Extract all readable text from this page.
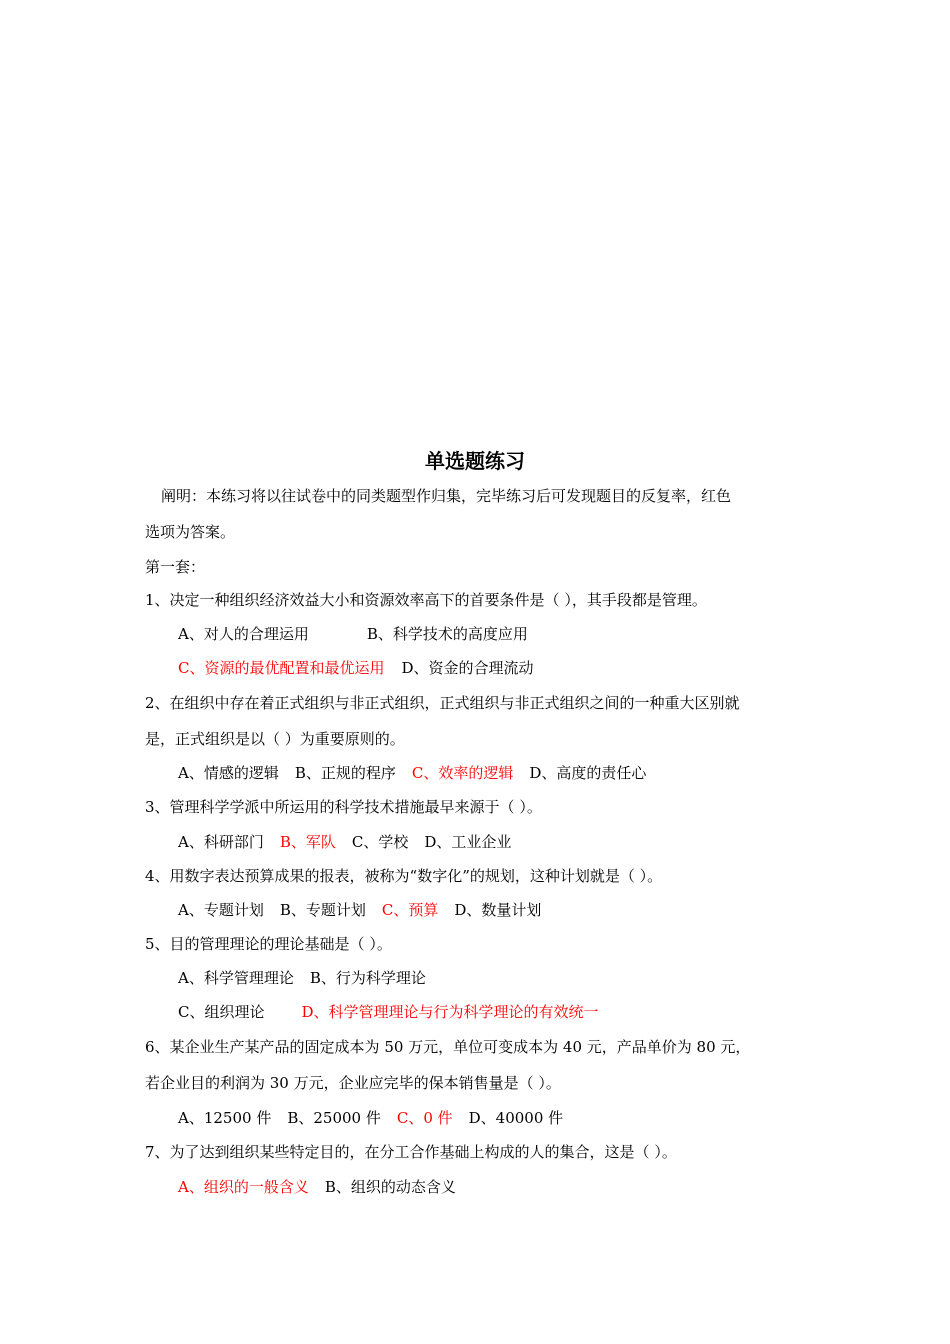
单选题练习
阐明：本练习将以往试卷中的同类题型作归集，完毕练习后可发现题目的反复率，红色
选项为答案。
第一套：
1、决定一种组织经济效益大小和资源效率高下的首要条件是（ ），其手段都是管理。
A、对人的合理运用	B、科学技术的高度应用
C、资源的最优配置和最优运用 D、资金的合理流动
2、在组织中存在着正式组织与非正式组织，正式组织与非正式组织之间的一种重大区别就
是，正式组织是以（ ）为重要原则的。
A、情感的逻辑 B、正规的程序 C、效率的逻辑 D、高度的责任心
3、管理科学学派中所运用的科学技术措施最早来源于（ ）。
A、科研部门 B、军队 C、学校 D、工业企业
4、用数字表达预算成果的报表，被称为“数字化”的规划，这种计划就是（ ）。
A、专题计划 B、专题计划 C、预算 D、数量计划
5、目的管理理论的理论基础是（ ）。
A、科学管理理论 B、行为科学理论
C、组织理论 D、科学管理理论与行为科学理论的有效统一
6、某企业生产某产品的固定成本为 50 万元，单位可变成本为 40 元，产品单价为 80 元，
若企业目的利润为 30 万元，企业应完毕的保本销售量是（ ）。
A、12500 件 B、25000 件 C、0 件 D、40000 件
7、为了达到组织某些特定目的，在分工合作基础上构成的人的集合，这是（ ）。
A、组织的一般含义 B、组织的动态含义
